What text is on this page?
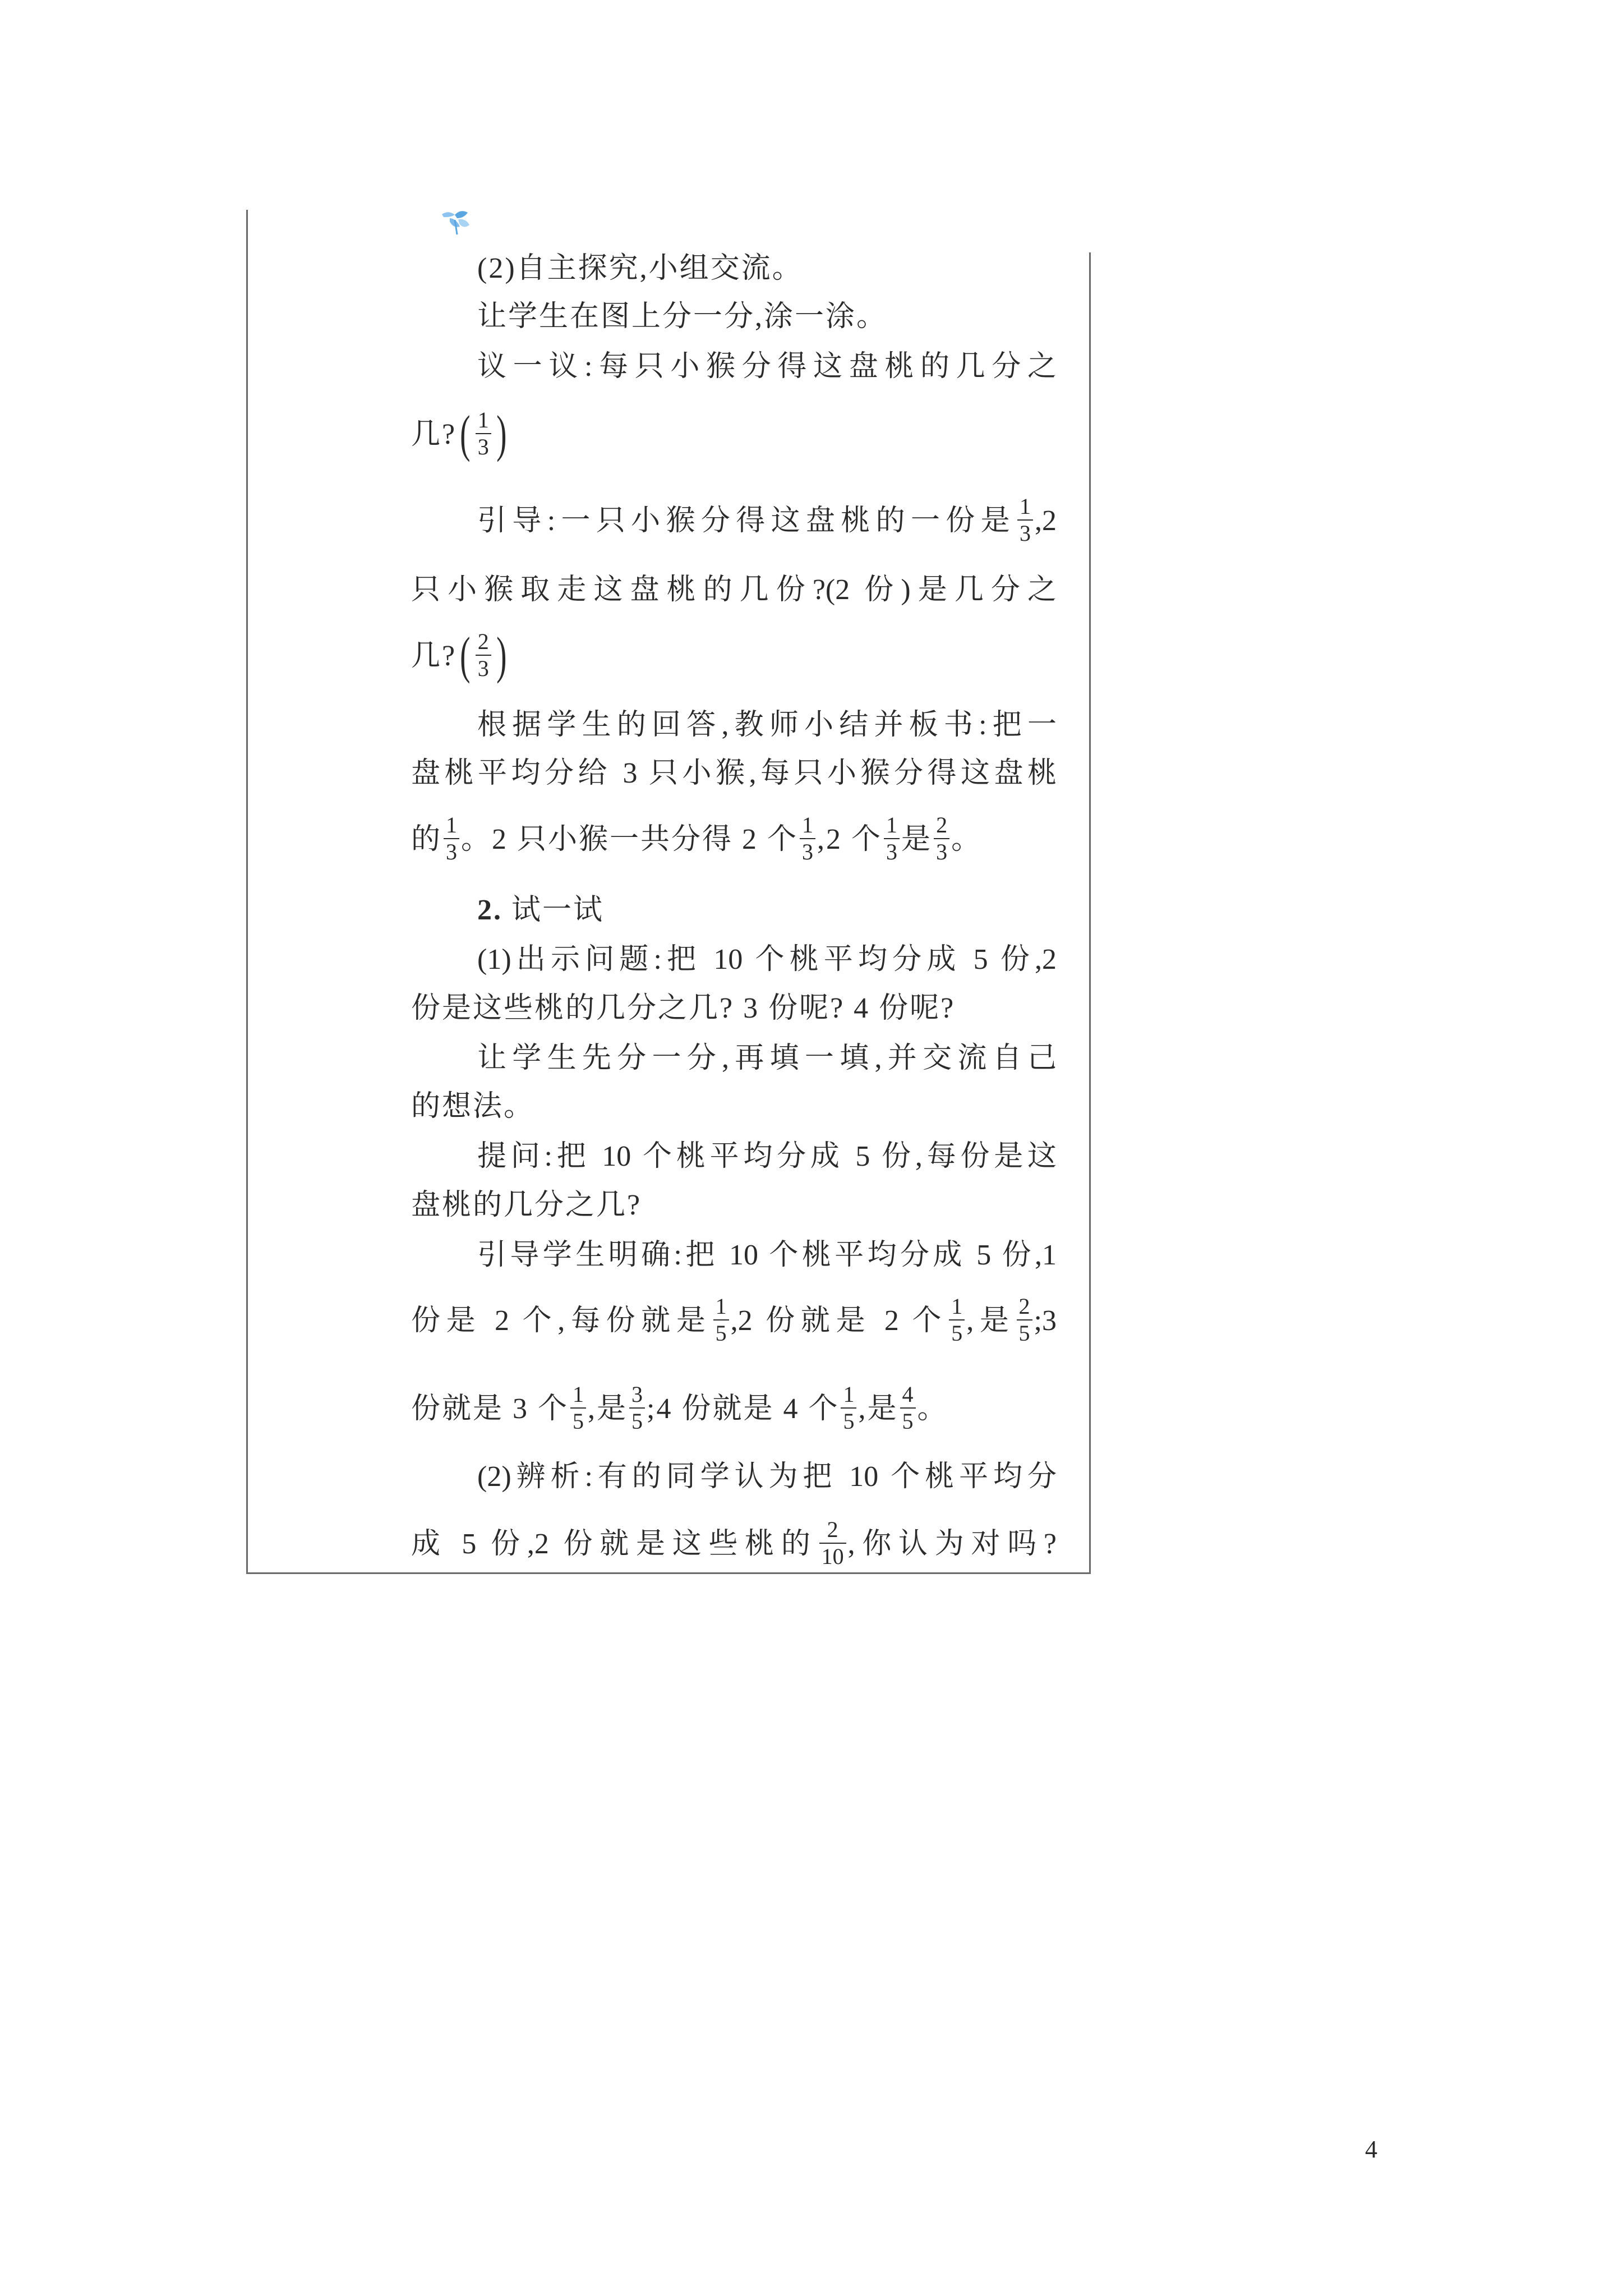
(2)自主探究,小组交流。
让学生在图上分一分,涂一涂。
议一议:每只小猴分得这盘桃的几分之
几?( $\frac{1}{3}$ )
引导:一只小猴分得这盘桃的一份是 $\frac{1}{3} ,2$
只小猴取走这盘桃的几份?(2 份)是几分之
几?( $\frac{2}{3}$ )
根据学生的回答,教师小结并板书:把一
盘桃平均分给 3 只小猴,每只小猴分得这盘桃
的 $\frac{1}{3}$ 。2 只小猴一共分得 2 个 $\frac{1}{3} ,2$ 个 $\frac{1}{3}$ 是 $\frac{2}{3}$ 。
2. 试一试
(1)出示问题:把 10 个桃平均分成 5 份,2
份是这些桃的几分之几? 3 份呢? 4 份呢?
让学生先分一分,再填一填,并交流自己
的想法。
提问:把 10 个桃平均分成 5 份,每份是这
盘桃的几分之几?
引导学生明确:把 10 个桃平均分成 5 份,1
份是 2 个,每份就是 $\frac{1}{5} ,2$ 份就是 2 个 $\frac{1}{5}$ ,是 $\frac{2}{5}$ ;3
份就是 3 个 $\frac{1}{5}$ ,是 $\frac{3}{5}$ ;4 份就是 4 个 $\frac{1}{5}$ ,是 $\frac{4}{5}$ 。
(2)辨析:有的同学认为把 10 个桃平均分
成 5 份,2 份就是这些桃的 $\frac{2}{10}$ ,你认为对吗?
4
